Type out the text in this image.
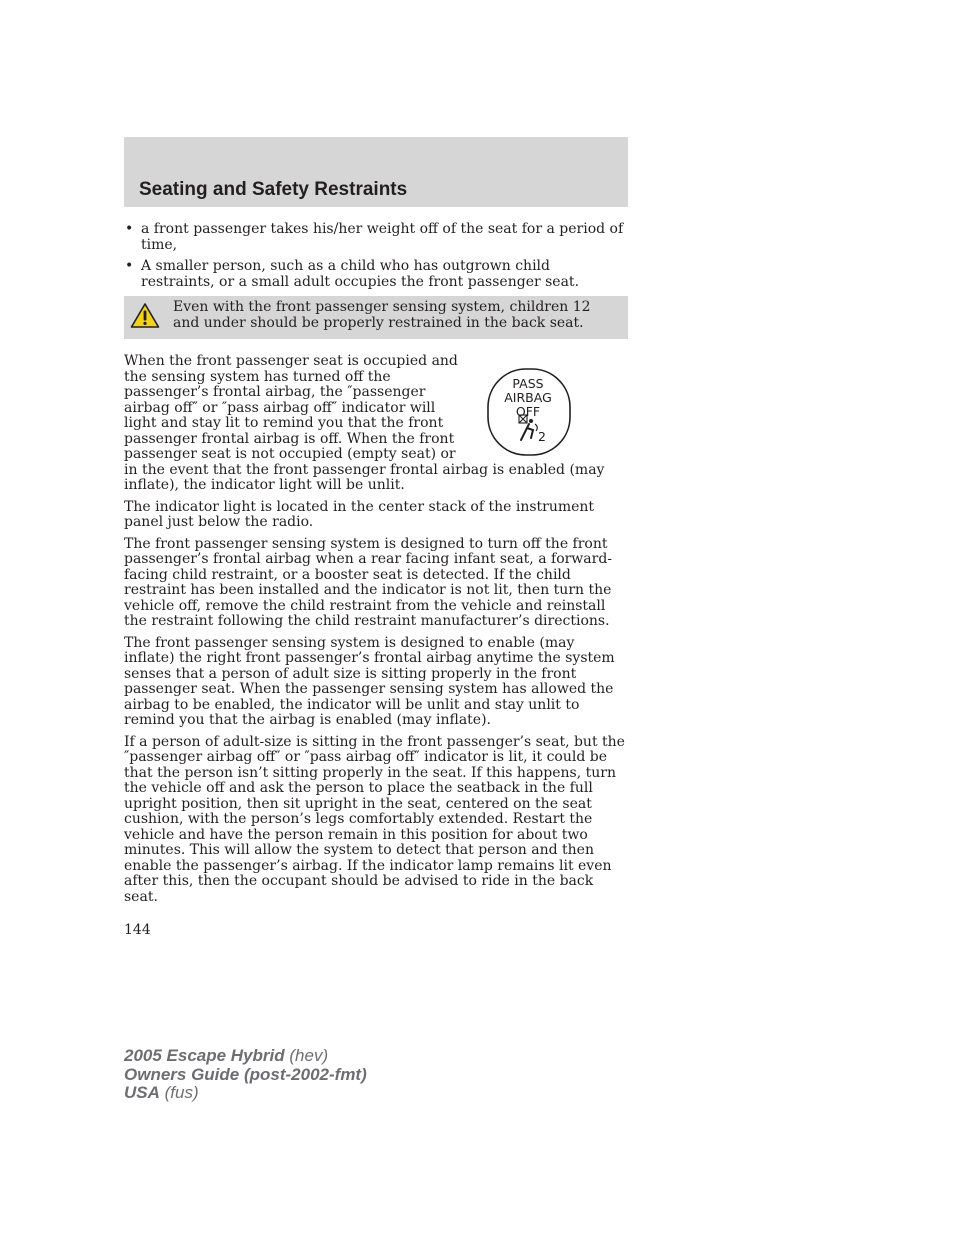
Seating and Safety Restraints
• a front passenger takes his/her weight off of the seat for a period of time,
• A smaller person, such as a child who has outgrown child restraints, or a small adult occupies the front passenger seat.
Even with the front passenger sensing system, children 12 and under should be properly restrained in the back seat.
PASS
AIRBAG
OFF
2

When the front passenger seat is occupied and the sensing system has turned off the passenger’s frontal airbag, the ″passenger airbag off″ or ″pass airbag off″ indicator will light and stay lit to remind you that the front passenger frontal airbag is off. When the front passenger seat is not occupied (empty seat) or in the event that the front passenger frontal airbag is enabled (may inflate), the indicator light will be unlit.

The indicator light is located in the center stack of the instrument panel just below the radio.

The front passenger sensing system is designed to turn off the front passenger’s frontal airbag when a rear facing infant seat, a forward-facing child restraint, or a booster seat is detected. If the child restraint has been installed and the indicator is not lit, then turn the vehicle off, remove the child restraint from the vehicle and reinstall the restraint following the child restraint manufacturer’s directions.

The front passenger sensing system is designed to enable (may inflate) the right front passenger’s frontal airbag anytime the system senses that a person of adult size is sitting properly in the front passenger seat. When the passenger sensing system has allowed the airbag to be enabled, the indicator will be unlit and stay unlit to remind you that the airbag is enabled (may inflate).

If a person of adult-size is sitting in the front passenger’s seat, but the ″passenger airbag off″ or ″pass airbag off″ indicator is lit, it could be that the person isn’t sitting properly in the seat. If this happens, turn the vehicle off and ask the person to place the seatback in the full upright position, then sit upright in the seat, centered on the seat cushion, with the person’s legs comfortably extended. Restart the vehicle and have the person remain in this position for about two minutes. This will allow the system to detect that person and then enable the passenger’s airbag. If the indicator lamp remains lit even after this, then the occupant should be advised to ride in the back seat.

144
2005 Escape Hybrid (hev)
Owners Guide (post-2002-fmt)
USA (fus)
